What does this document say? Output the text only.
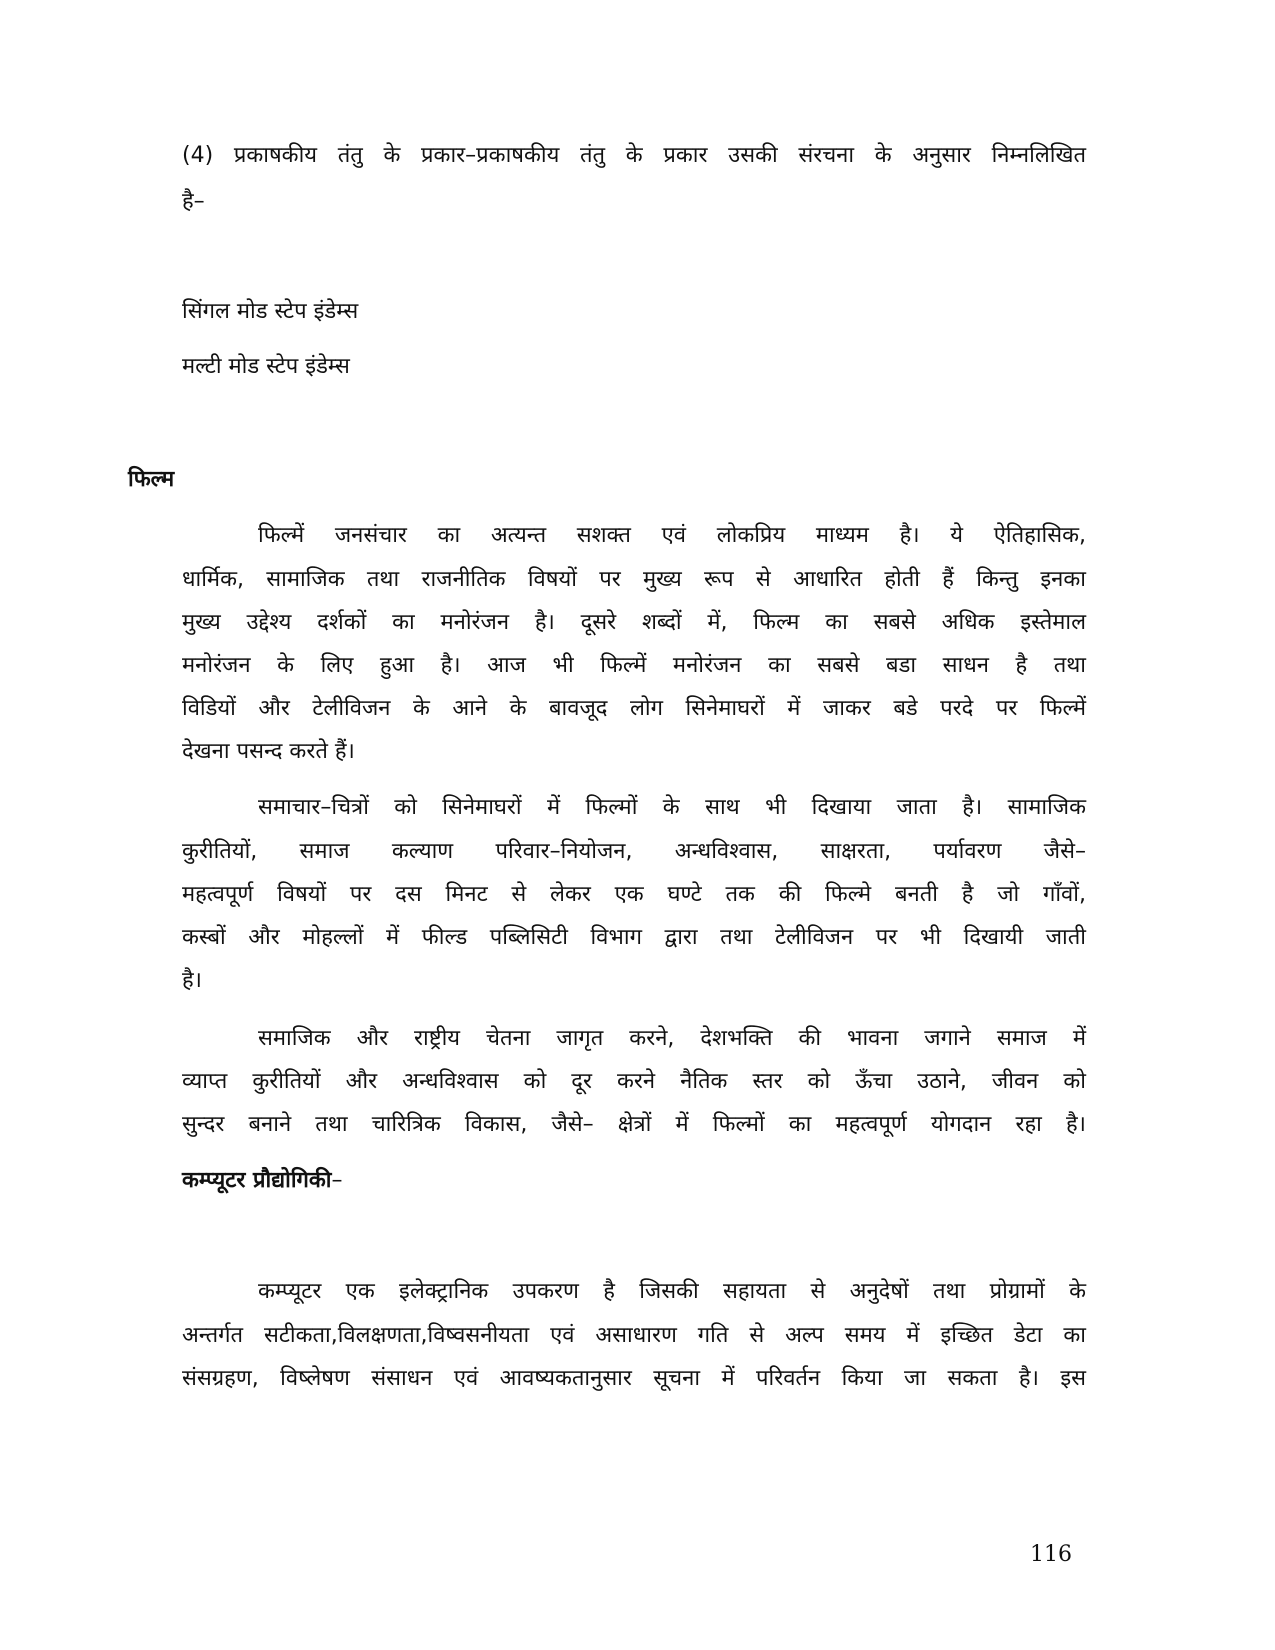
(4) प्रकाषकीय तंतु के प्रकार–प्रकाषकीय तंतु के प्रकार उसकी संरचना के अनुसार निम्नलिखित
है–
सिंगल मोड स्टेप इंडेम्स
मल्टी मोड स्टेप इंडेम्स
फिल्म
फिल्में जनसंचार का अत्यन्त सशक्त एवं लोकप्रिय माध्यम है। ये ऐतिहासिक,
धार्मिक, सामाजिक तथा राजनीतिक विषयों पर मुख्य रूप से आधारित होती हैं किन्तु इनका
मुख्य उद्देश्य दर्शकों का मनोरंजन है। दूसरे शब्दों में, फिल्म का सबसे अधिक इस्तेमाल
मनोरंजन के लिए हुआ है। आज भी फिल्में मनोरंजन का सबसे बडा साधन है तथा
विडियों और टेलीविजन के आने के बावजूद लोग सिनेमाघरों में जाकर बडे परदे पर फिल्में
देखना पसन्द करते हैं।
समाचार–चित्रों को सिनेमाघरों में फिल्मों के साथ भी दिखाया जाता है। सामाजिक
कुरीतियों, समाज कल्याण परिवार–नियोजन, अन्धविश्वास, साक्षरता, पर्यावरण जैसे–
महत्वपूर्ण विषयों पर दस मिनट से लेकर एक घण्टे तक की फिल्मे बनती है जो गाँवों,
कस्बों और मोहल्लों में फील्ड पब्लिसिटी विभाग द्वारा तथा टेलीविजन पर भी दिखायी जाती
है।
समाजिक और राष्ट्रीय चेतना जागृत करने, देशभक्ति की भावना जगाने समाज में
व्याप्त कुरीतियों और अन्धविश्वास को दूर करने नैतिक स्तर को ऊँचा उठाने, जीवन को
सुन्दर बनाने तथा चारित्रिक विकास, जैसे– क्षेत्रों में फिल्मों का महत्वपूर्ण योगदान रहा है।
कम्प्यूटर प्रौद्योगिकी–
कम्प्यूटर एक इलेक्ट्रानिक उपकरण है जिसकी सहायता से अनुदेषों तथा प्रोग्रामों के
अन्तर्गत सटीकता,विलक्षणता,विष्वसनीयता एवं असाधारण गति से अल्प समय में इच्छित डेटा का
संसग्रहण, विष्लेषण संसाधन एवं आवष्यकतानुसार सूचना में परिवर्तन किया जा सकता है। इस
116
